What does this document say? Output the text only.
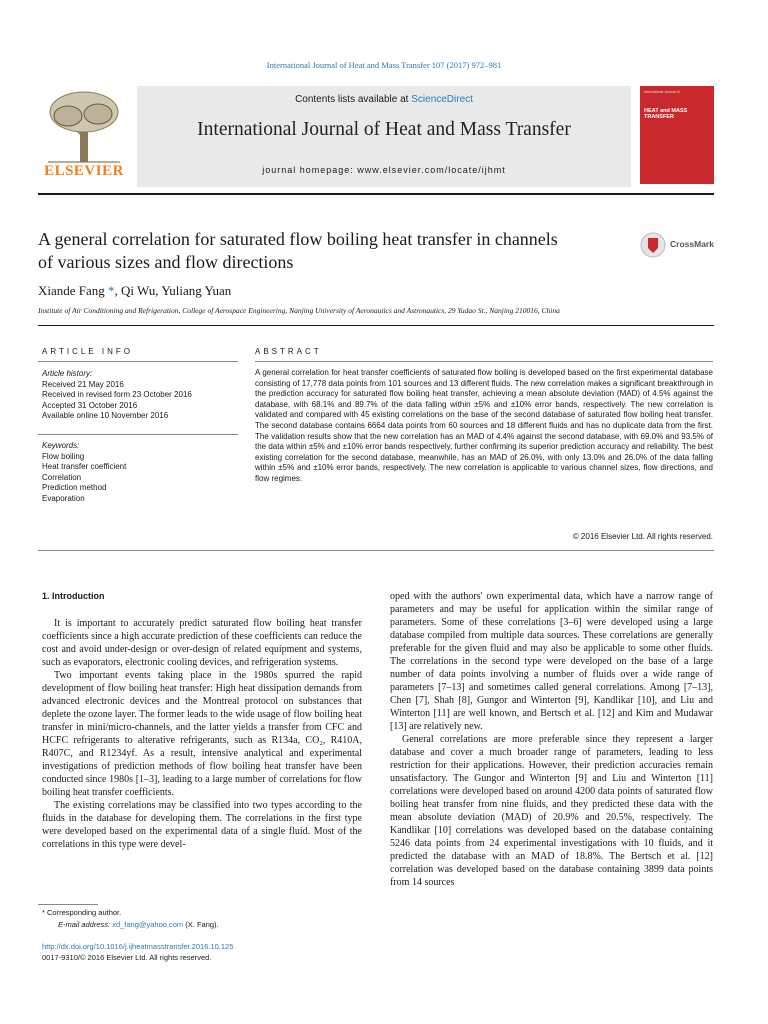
International Journal of Heat and Mass Transfer 107 (2017) 972–981
ELSEVIER
Contents lists available at ScienceDirect
International Journal of Heat and Mass Transfer
journal homepage: www.elsevier.com/locate/ijhmt
International Journal of
HEAT and MASS TRANSFER
A general correlation for saturated flow boiling heat transfer in channels
of various sizes and flow directions
CrossMark
Xiande Fang *, Qi Wu, Yuliang Yuan
Institute of Air Conditioning and Refrigeration, College of Aerospace Engineering, Nanjing University of Aeronautics and Astronautics, 29 Yudao St., Nanjing 210016, China
ARTICLE INFO
Article history:
Received 21 May 2016
Received in revised form 23 October 2016
Accepted 31 October 2016
Available online 10 November 2016
Keywords:
Flow boiling
Heat transfer coefficient
Correlation
Prediction method
Evaporation
ABSTRACT
A general correlation for heat transfer coefficients of saturated flow boiling is developed based on the first experimental database consisting of 17,778 data points from 101 sources and 13 different fluids. The new correlation makes a significant breakthrough in the prediction accuracy for saturated flow boiling heat transfer, achieving a mean absolute deviation (MAD) of 4.5% against the database, with 68.1% and 89.7% of the data falling within ±5% and ±10% error bands, respectively. The new correlation is validated and compared with 45 existing correlations on the base of the second database of saturated flow boiling heat transfer. The second database contains 6664 data points from 60 sources and 18 different fluids and has no duplicate data from the first. The validation results show that the new correlation has an MAD of 4.4% against the second database, with 69.0% and 93.5% of the data within ±5% and ±10% error bands respectively, further confirming its superior prediction accuracy and reliability. The best existing correlation for the second database, meanwhile, has an MAD of 26.0%, with only 13.0% and 26.0% of the data falling within ±5% and ±10% error bands, respectively. The new correlation is applicable to various channel sizes, flow directions, and flow regimes.
© 2016 Elsevier Ltd. All rights reserved.
1. Introduction

It is important to accurately predict saturated flow boiling heat transfer coefficients since a high accurate prediction of these coefficients can reduce the cost and avoid under-design or over-design of related equipment and systems, such as evaporators, electronic cooling devices, and refrigeration systems.

Two important events taking place in the 1980s spurred the rapid development of flow boiling heat transfer: High heat dissipation demands from advanced electronic devices and the Montreal protocol on substances that deplete the ozone layer. The former leads to the wide usage of flow boiling heat transfer in mini/micro-channels, and the latter yields a transfer from CFC and HCFC refrigerants to alterative refrigerants, such as R134a, CO₂, R410A, R407C, and R1234yf. As a result, intensive analytical and experimental investigations of prediction methods of flow boiling heat transfer have been conducted since 1980s [1–3], leading to a large number of correlations for flow boiling heat transfer coefficients.

The existing correlations may be classified into two types according to the fluids in the database for developing them. The correlations in the first type were developed based on the experimental data of a single fluid. Most of the correlations in this type were devel-

oped with the authors' own experimental data, which have a narrow range of parameters and may be useful for application within the similar range of parameters. Some of these correlations [3–6] were developed using a large database compiled from multiple data sources. These correlations are generally preferable for the given fluid and may also be applicable to some other fluids. The correlations in the second type were developed on the base of a large number of data points involving a number of fluids over a wide range of parameters [7–13] and sometimes called general correlations. Among [7–13], Chen [7], Shah [8], Gungor and Winterton [9], Kandlikar [10], and Liu and Winterton [11] are well known, and Bertsch et al. [12] and Kim and Mudawar [13] are relatively new.

General correlations are more preferable since they represent a larger database and cover a much broader range of parameters, leading to less restriction for their applications. However, their prediction accuracies remain unsatisfactory. The Gungor and Winterton [9] and Liu and Winterton [11] correlations were developed based on around 4200 data points of saturated flow boiling heat transfer from nine fluids, and they predicted these data with the mean absolute deviation (MAD) of 20.9% and 20.5%, respectively. The Kandlikar [10] correlations was developed based on the database containing 5246 data points from 24 experimental investigations with 10 fluids, and it predicted the database with an MAD of 18.8%. The Bertsch et al. [12] correlation was developed based on the database containing 3899 data points from 14 sources

* Corresponding author.
E-mail address: xd_fang@yahoo.com (X. Fang).
http://dx.doi.org/10.1016/j.ijheatmasstransfer.2016.10.125
0017-9310/© 2016 Elsevier Ltd. All rights reserved.
